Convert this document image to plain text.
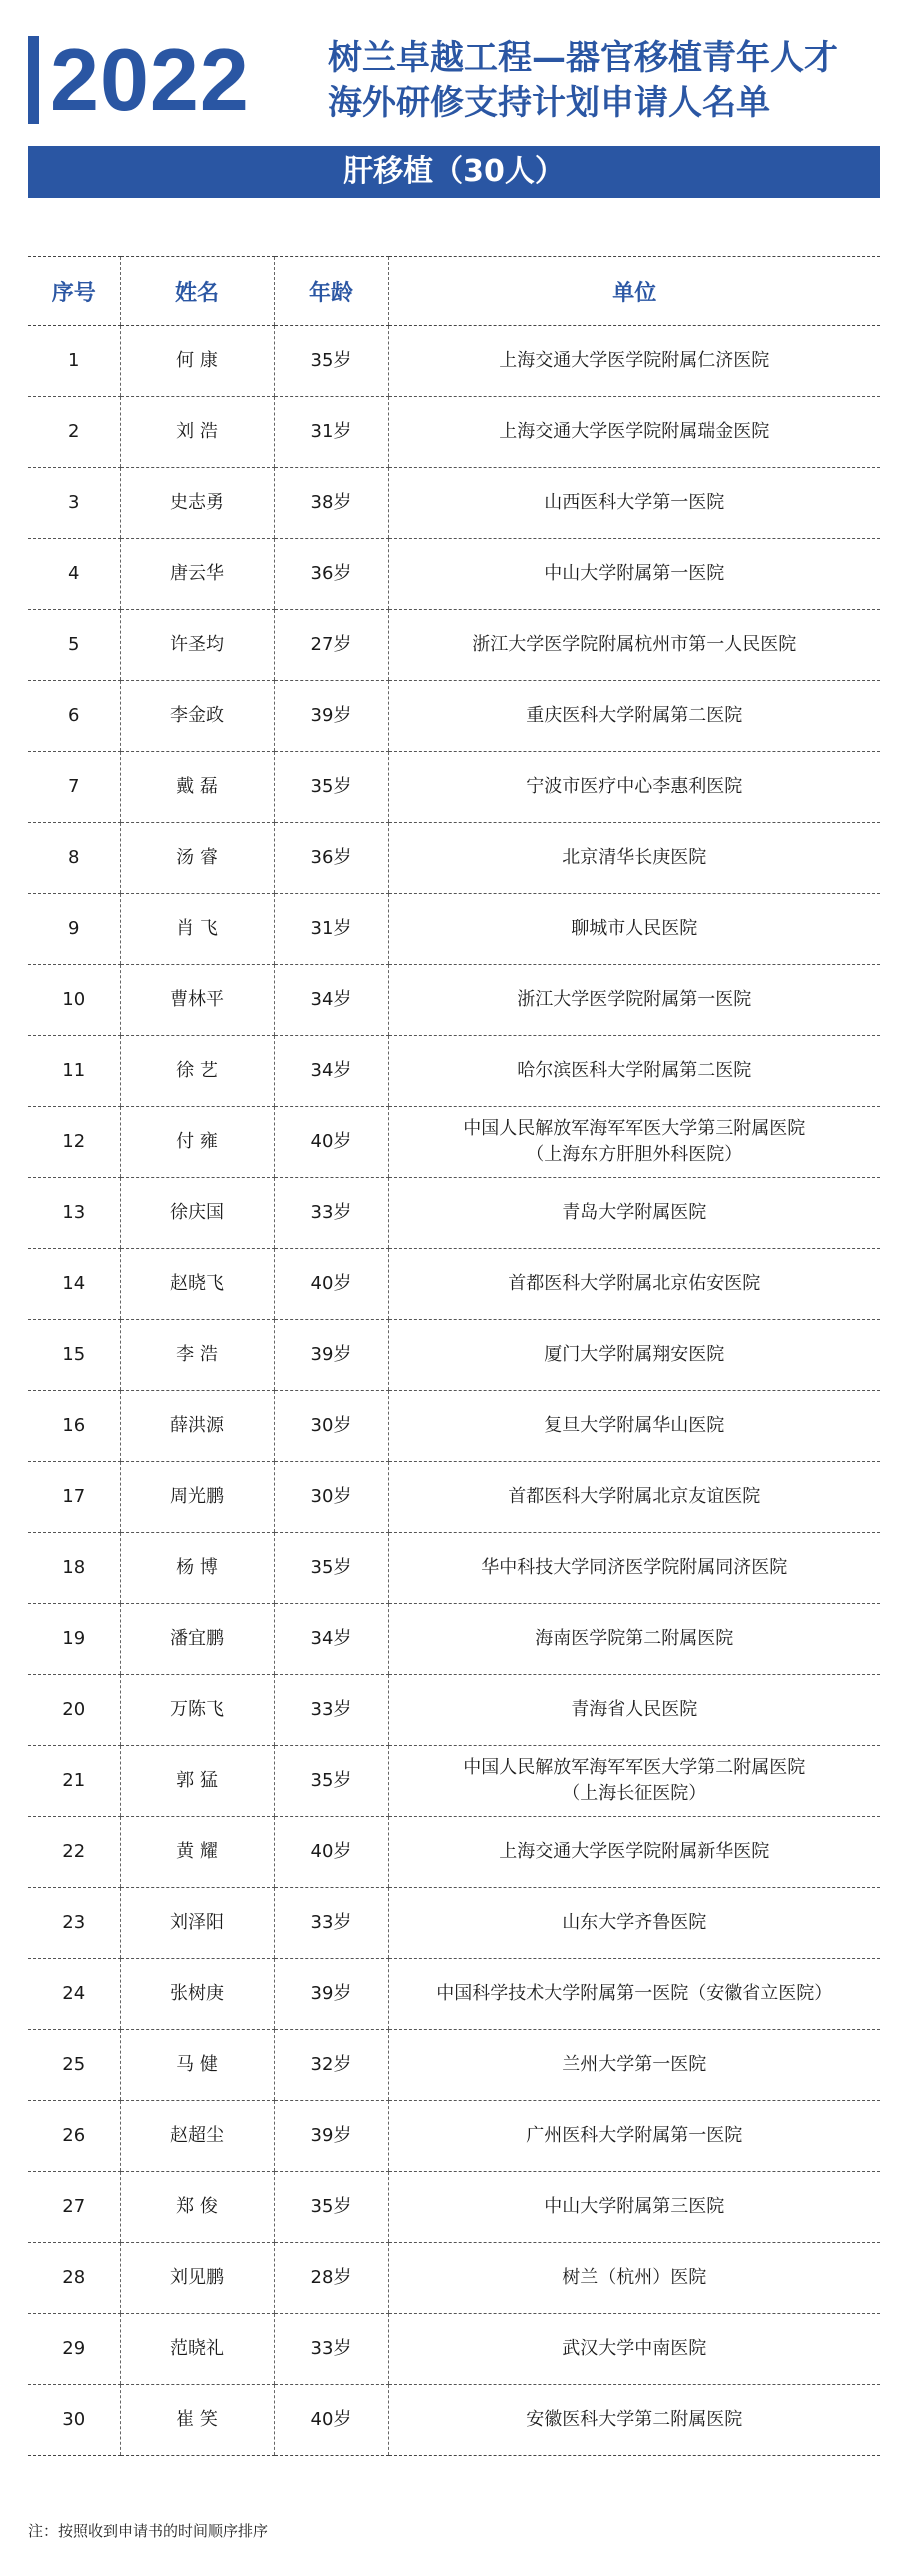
2022 树兰卓越工程—器官移植青年人才
海外研修支持计划申请人名单
肝移植（30人）
序号	姓名	年龄	单位
1	何 康	35岁	上海交通大学医学院附属仁济医院
2	刘 浩	31岁	上海交通大学医学院附属瑞金医院
3	史志勇	38岁	山西医科大学第一医院
4	唐云华	36岁	中山大学附属第一医院
5	许圣均	27岁	浙江大学医学院附属杭州市第一人民医院
6	李金政	39岁	重庆医科大学附属第二医院
7	戴 磊	35岁	宁波市医疗中心李惠利医院
8	汤 睿	36岁	北京清华长庚医院
9	肖 飞	31岁	聊城市人民医院
10	曹林平	34岁	浙江大学医学院附属第一医院
11	徐 艺	34岁	哈尔滨医科大学附属第二医院
12	付 雍	40岁	中国人民解放军海军军医大学第三附属医院
（上海东方肝胆外科医院）
13	徐庆国	33岁	青岛大学附属医院
14	赵晓飞	40岁	首都医科大学附属北京佑安医院
15	李 浩	39岁	厦门大学附属翔安医院
16	薛洪源	30岁	复旦大学附属华山医院
17	周光鹏	30岁	首都医科大学附属北京友谊医院
18	杨 博	35岁	华中科技大学同济医学院附属同济医院
19	潘宜鹏	34岁	海南医学院第二附属医院
20	万陈飞	33岁	青海省人民医院
21	郭 猛	35岁	中国人民解放军海军军医大学第二附属医院
（上海长征医院）
22	黄 耀	40岁	上海交通大学医学院附属新华医院
23	刘泽阳	33岁	山东大学齐鲁医院
24	张树庚	39岁	中国科学技术大学附属第一医院（安徽省立医院）
25	马 健	32岁	兰州大学第一医院
26	赵超尘	39岁	广州医科大学附属第一医院
27	郑 俊	35岁	中山大学附属第三医院
28	刘见鹏	28岁	树兰（杭州）医院
29	范晓礼	33岁	武汉大学中南医院
30	崔 笑	40岁	安徽医科大学第二附属医院
注：按照收到申请书的时间顺序排序
